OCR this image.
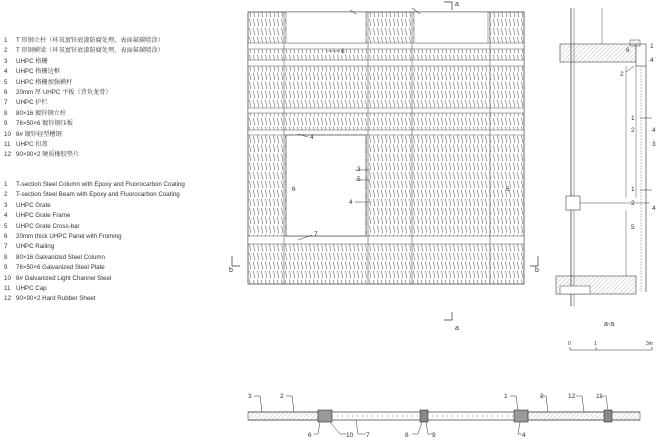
1	T 形钢立柱（环氧富锌底漆防腐处理，表面氟碳喷涂）
2	T 形钢横梁（环氧富锌底漆防腐处理，表面氟碳喷涂）
3	UHPC 格栅
4	UHPC 格栅边框
5	UHPC 格栅加强横杆
6	20mm 厚 UHPC 平板（背负龙骨）
7	UHPC 护栏
8	80×16 镀锌钢立柱
9	76×50×6 镀锌钢压板
10 8# 镀锌轻型槽钢
11 UHPC 扣盖
12 90×90×2 硬质橡胶垫片
1	T-section Steel Column with Epoxy and Fluorocarbon Coating
2	T-section Steel Beam with Epoxy and Fluorocarbon Coating
3	UHPC Grate
4	UHPC Grate Frame
5	UHPC Grate Cross-bar
6	20mm thick UHPC Panel with Froming
7	UHPC Railing
8	80×16 Galvanized Steel Column
9	76×50×6 Galvanized Steel Plate
10 8# Galvanized Light Channel Steel
11 UHPC Cap
12 90×90×2 Hard Rubber Sheet
a
a
b	b
6
4
3
5
4
6	6
7
1
6
4
2
1
2	4
3
1
2
4
5
a-a
0	1	3m
3	2	1	2	12	11
6	10 7	8	9	4
